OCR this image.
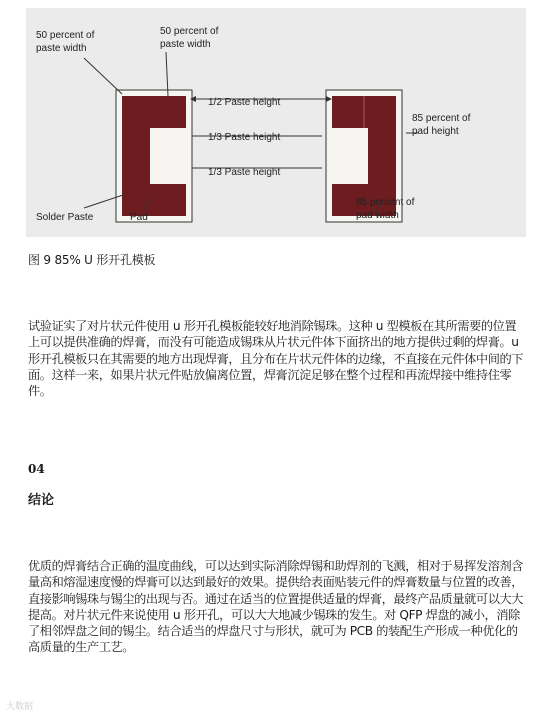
50 percent of
paste width
50 percent of
paste width
1/2 Paste height
1/3 Paste height
1/3 Paste height
85 percent of
pad height
85 percent of
pad width
Solder Paste	Pad
图 9 85% U 形开孔模板

试验证实了对片状元件使用 u 形开孔模板能较好地消除锡珠。这种 u 型模板在其所需要的位置上可以提供准确的焊膏，而没有可能造成锡珠从片状元件体下面挤出的地方提供过剩的焊膏。u 形开孔模板只在其需要的地方出现焊膏，且分布在片状元件体的边缘，不直接在元件体中间的下面。这样一来，如果片状元件贴放偏离位置，焊膏沉淀足够在整个过程和再流焊接中维持住零件。

04
结论

优质的焊膏结合正确的温度曲线，可以达到实际消除焊锡和助焊剂的飞溅，相对于易挥发溶剂含量高和熔湿速度慢的焊膏可以达到最好的效果。提供给表面贴装元件的焊膏数量与位置的改善，直接影响锡珠与锡尘的出现与否。通过在适当的位置提供适量的焊膏，最终产品质量就可以大大提高。对片状元件来说使用 u 形开孔，可以大大地减少锡珠的发生。对 QFP 焊盘的减小，消除了相邻焊盘之间的锡尘。结合适当的焊盘尺寸与形状，就可为 PCB 的装配生产形成一种优化的高质量的生产工艺。

大数据
